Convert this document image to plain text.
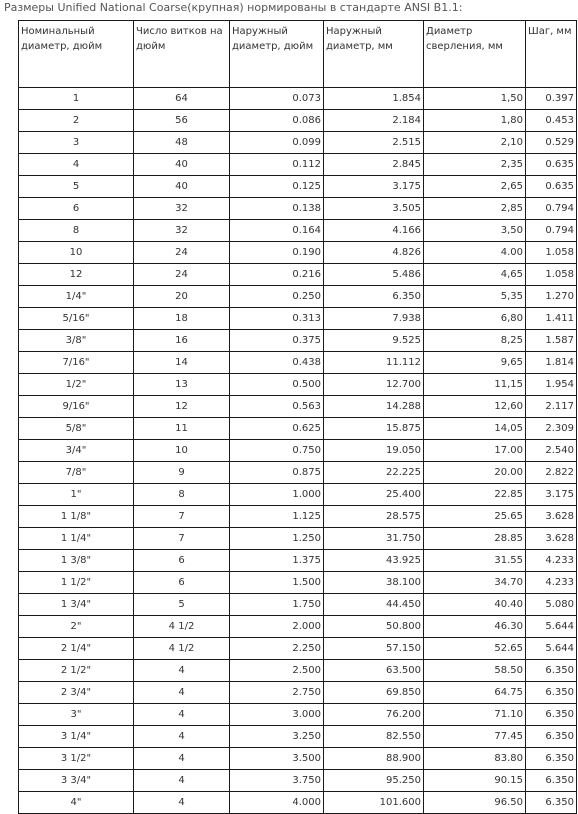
Размеры Unified National Coarse(крупная) нормированы в стандарте ANSI B1.1:
Номинальный диаметр, дюйм	Число витков на дюйм	Наружный диаметр, дюйм	Наружный диаметр, мм	Диаметр сверления, мм	Шаг, мм
1	64	0.073	1.854	1,50	0.397
2	56	0.086	2.184	1,80	0.453
3	48	0.099	2.515	2,10	0.529
4	40	0.112	2.845	2,35	0.635
5	40	0.125	3.175	2,65	0.635
6	32	0.138	3.505	2,85	0.794
8	32	0.164	4.166	3,50	0.794
10	24	0.190	4.826	4.00	1.058
12	24	0.216	5.486	4,65	1.058
1/4"	20	0.250	6.350	5,35	1.270
5/16"	18	0.313	7.938	6,80	1.411
3/8"	16	0.375	9.525	8,25	1.587
7/16"	14	0.438	11.112	9,65	1.814
1/2"	13	0.500	12.700	11,15	1.954
9/16"	12	0.563	14.288	12,60	2.117
5/8"	11	0.625	15.875	14,05	2.309
3/4"	10	0.750	19.050	17.00	2.540
7/8"	9	0.875	22.225	20.00	2.822
1"	8	1.000	25.400	22.85	3.175
1 1/8"	7	1.125	28.575	25.65	3.628
1 1/4"	7	1.250	31.750	28.85	3.628
1 3/8"	6	1.375	43.925	31.55	4.233
1 1/2"	6	1.500	38.100	34.70	4.233
1 3/4"	5	1.750	44.450	40.40	5.080
2"	4 1/2	2.000	50.800	46.30	5.644
2 1/4"	4 1/2	2.250	57.150	52.65	5.644
2 1/2"	4	2.500	63.500	58.50	6.350
2 3/4"	4	2.750	69.850	64.75	6.350
3"	4	3.000	76.200	71.10	6.350
3 1/4"	4	3.250	82.550	77.45	6.350
3 1/2"	4	3.500	88.900	83.80	6.350
3 3/4"	4	3.750	95.250	90.15	6.350
4"	4	4.000	101.600	96.50	6.350
